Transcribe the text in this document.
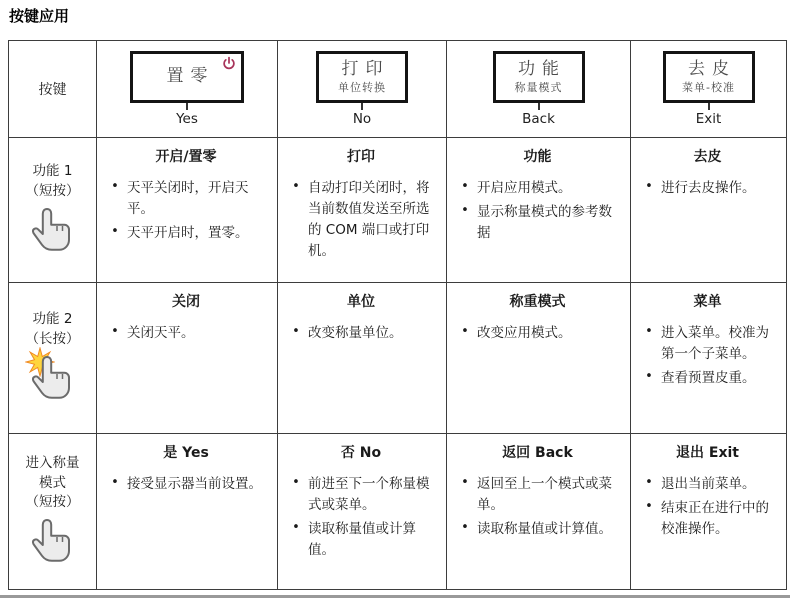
按键应用
按键
置零
Yes
打印
单位转换
No
功能
称量模式
Back
去皮
菜单-校准
Exit
功能 1
（短按）
开启/置零
• 天平关闭时，开启天平。
• 天平开启时，置零。
打印
• 自动打印关闭时，将当前数值发送至所选的 COM 端口或打印机。
功能
• 开启应用模式。
• 显示称量模式的参考数据
去皮
• 进行去皮操作。
功能 2
（长按）
关闭
• 关闭天平。
单位
• 改变称量单位。
称重模式
• 改变应用模式。
菜单
• 进入菜单。校准为第一个子菜单。
• 查看预置皮重。
进入称量
模式
（短按）
是 Yes
• 接受显示器当前设置。
否 No
• 前进至下一个称量模式或菜单。
• 读取称量值或计算值。
返回 Back
• 返回至上一个模式或菜单。
• 读取称量值或计算值。
退出 Exit
• 退出当前菜单。
• 结束正在进行中的校准操作。
